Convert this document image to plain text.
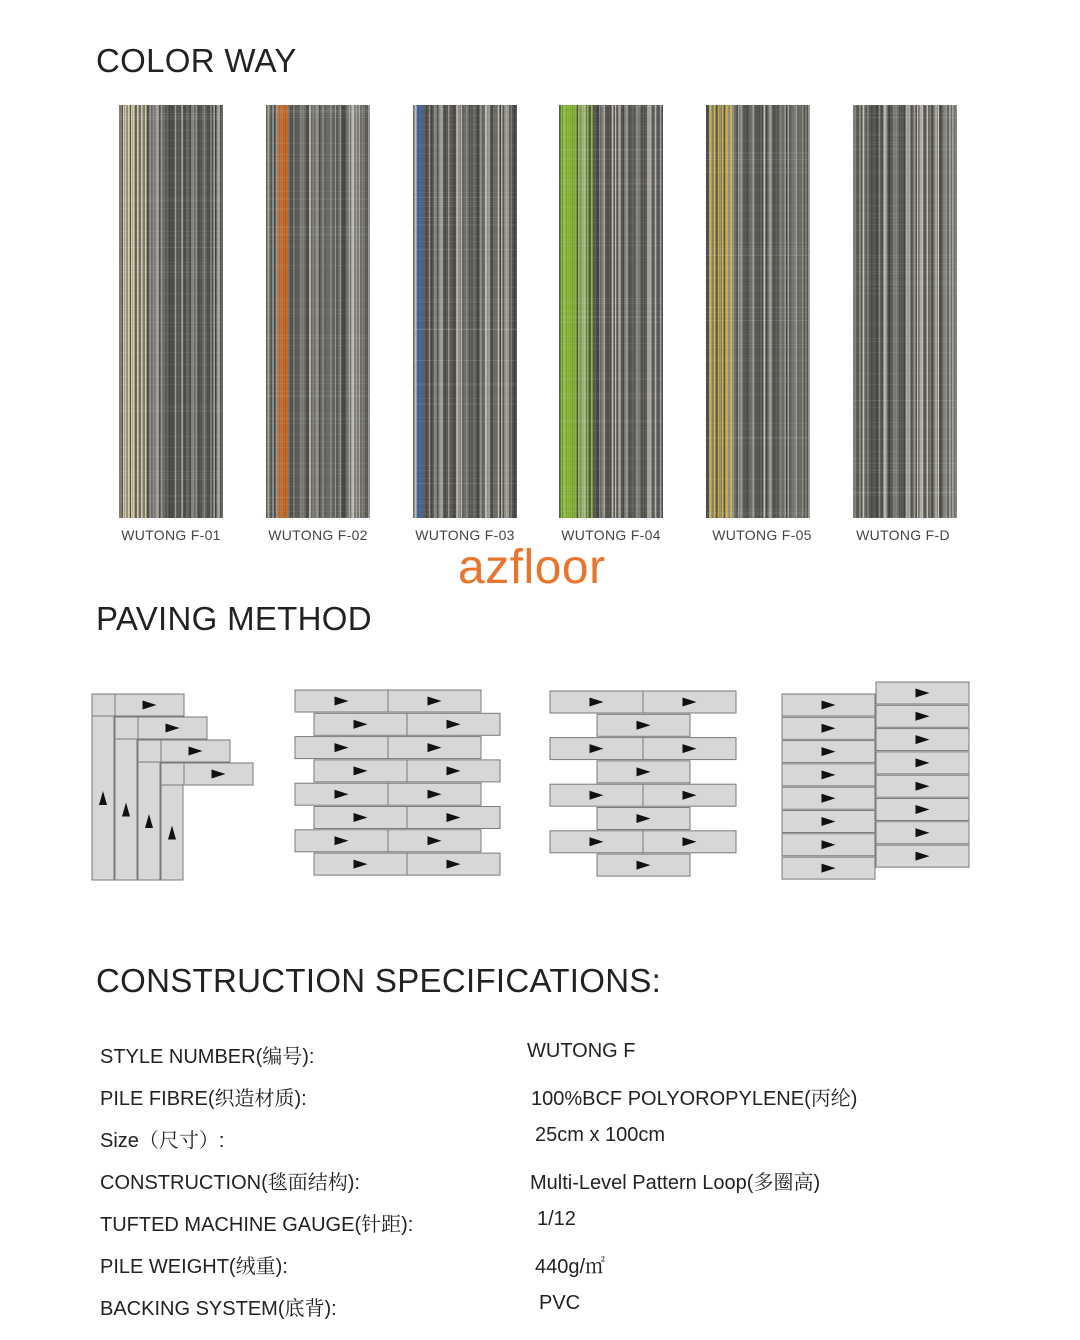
COLOR WAY
WUTONG F-01	WUTONG F-02	WUTONG F-03	WUTONG F-04	WUTONG F-05	WUTONG F-D
azfloor
PAVING METHOD
CONSTRUCTION SPECIFICATIONS:
STYLE NUMBER(编号):	WUTONG F
PILE FIBRE(织造材质):	100%BCF POLYOROPYLENE(丙纶)
Size（尺寸）:	25cm x 100cm
CONSTRUCTION(毯面结构):	Multi-Level Pattern Loop(多圈高)
TUFTED MACHINE GAUGE(针距):	1/12
PILE WEIGHT(绒重):	440g/㎡
BACKING SYSTEM(底背):	PVC
